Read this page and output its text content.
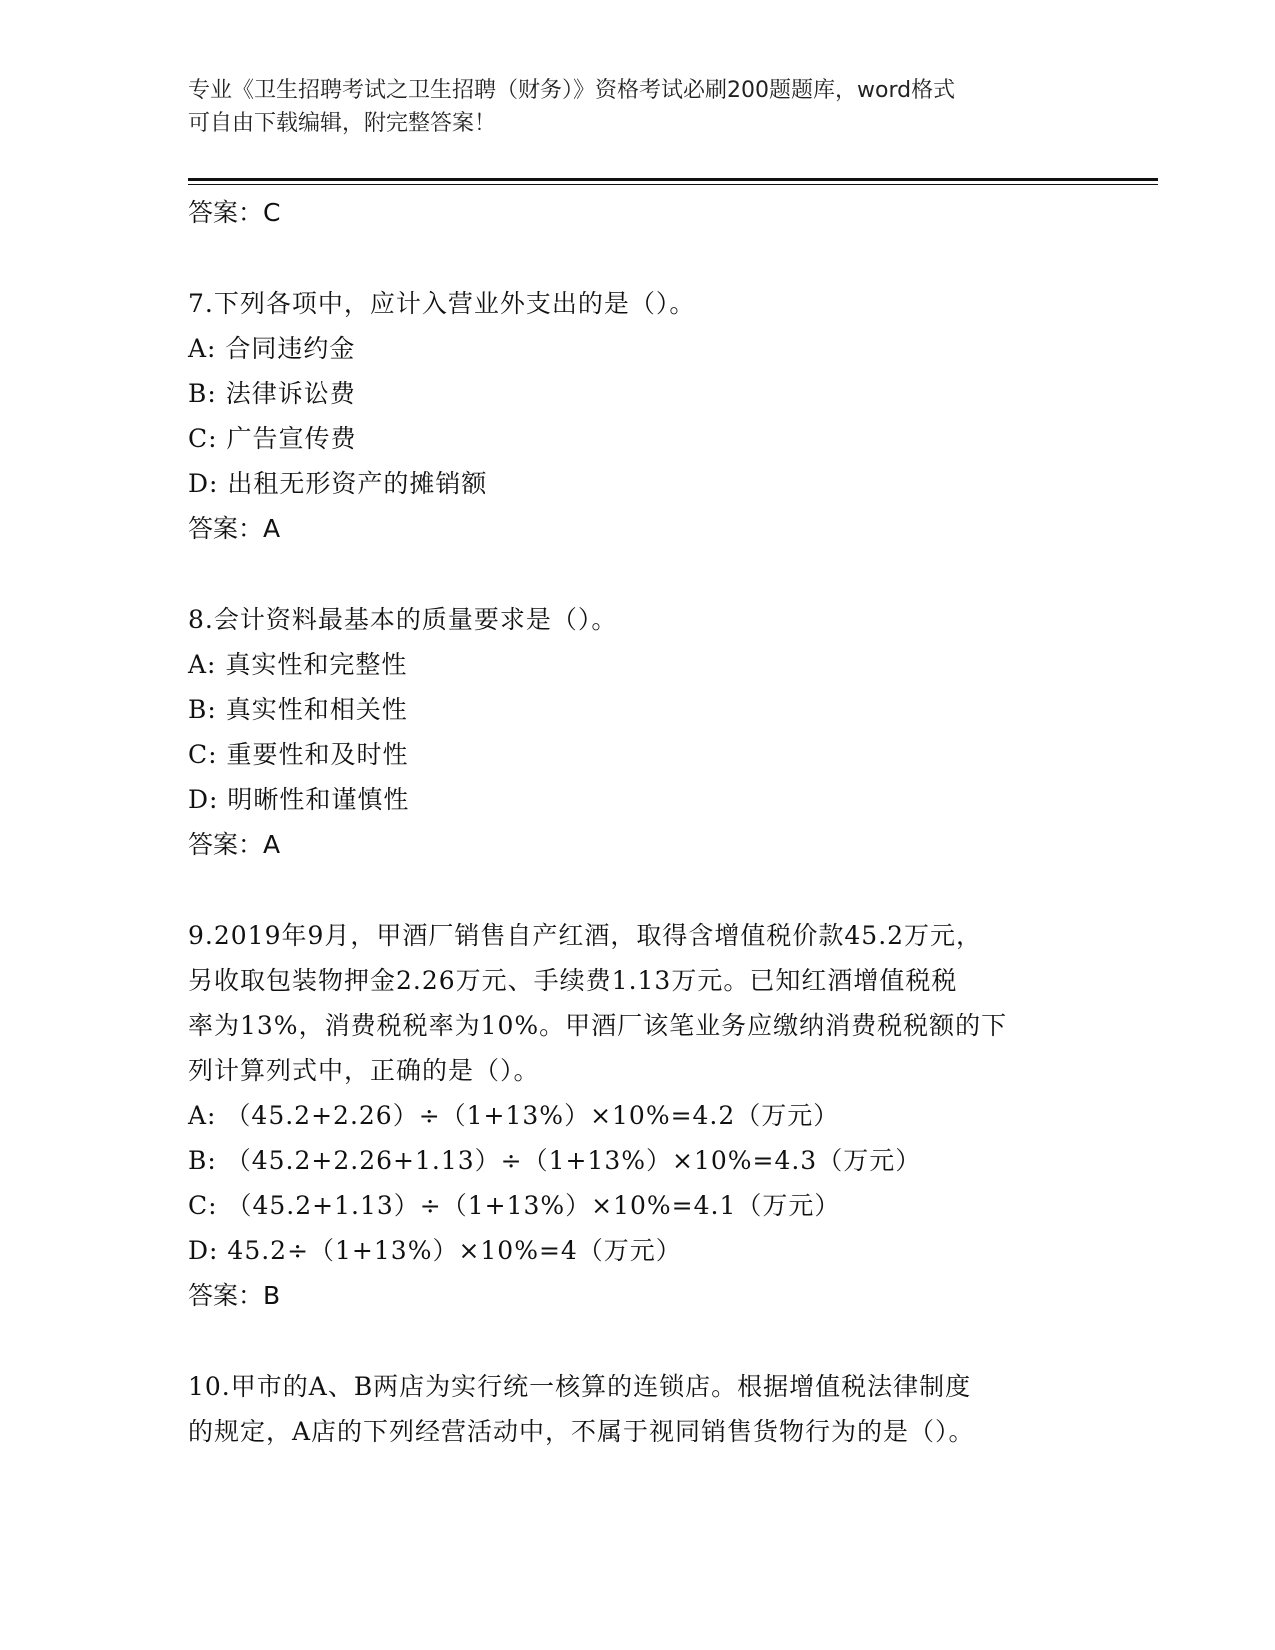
专业《卫生招聘考试之卫生招聘（财务）》资格考试必刷200题题库，word格式
可自由下载编辑，附完整答案！
答案：C
7.下列各项中，应计入营业外支出的是（）。
A: 合同违约金
B: 法律诉讼费
C: 广告宣传费
D: 出租无形资产的摊销额
答案：A
8.会计资料最基本的质量要求是（）。
A: 真实性和完整性
B: 真实性和相关性
C: 重要性和及时性
D: 明晰性和谨慎性
答案：A
9.2019年9月，甲酒厂销售自产红酒，取得含增值税价款45.2万元，
另收取包装物押金2.26万元、手续费1.13万元。已知红酒增值税税
率为13%，消费税税率为10%。甲酒厂该笔业务应缴纳消费税税额的下
列计算列式中，正确的是（）。
A: （45.2+2.26）÷（1+13%）×10%=4.2（万元）
B: （45.2+2.26+1.13）÷（1+13%）×10%=4.3（万元）
C: （45.2+1.13）÷（1+13%）×10%=4.1（万元）
D: 45.2÷（1+13%）×10%=4（万元）
答案：B
10.甲市的A、B两店为实行统一核算的连锁店。根据增值税法律制度
的规定，A店的下列经营活动中，不属于视同销售货物行为的是（）。
